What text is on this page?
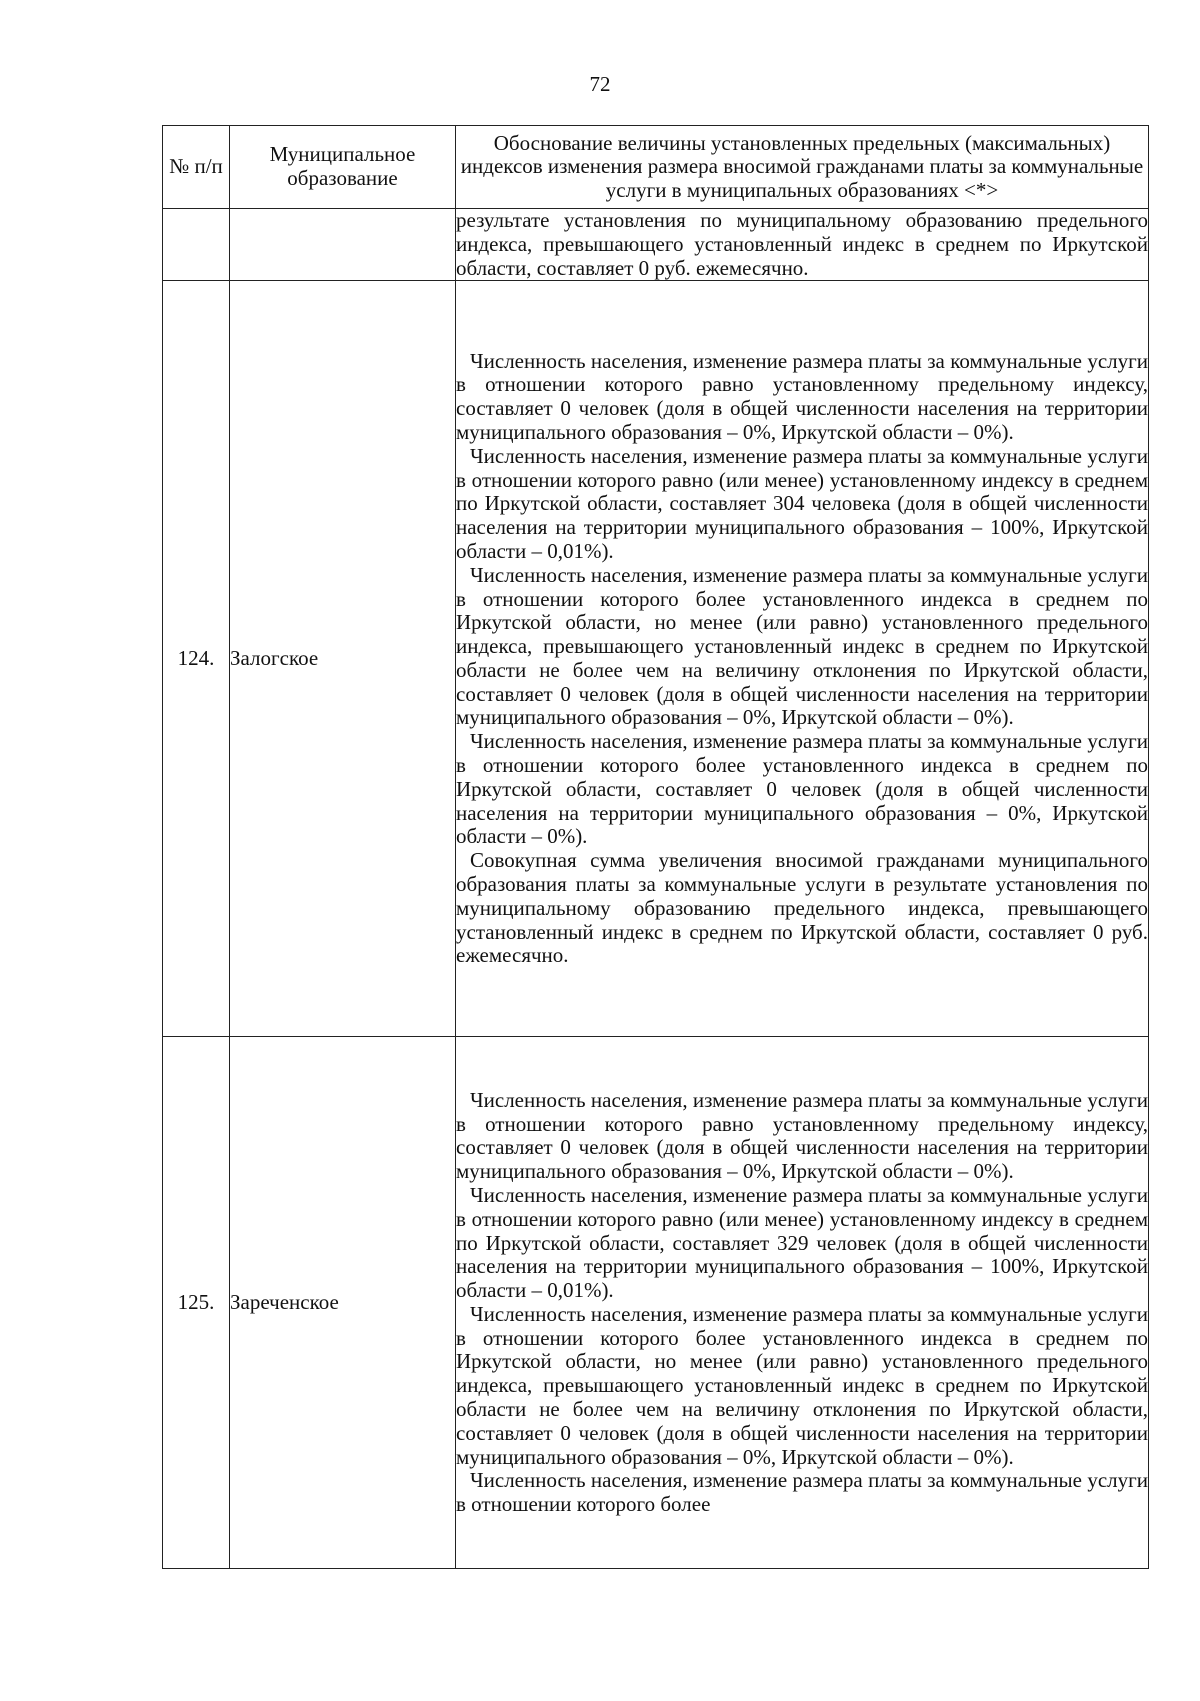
72
№ п/п	Муниципальное образование	Обоснование величины установленных предельных (максимальных) индексов изменения размера вносимой гражданами платы за коммунальные услуги в муниципальных образованиях <*>

		результате установления по муниципальному образованию предельного индекса, превышающего установленный индекс в среднем по Иркутской области, составляет 0 руб. ежемесячно.

124.	Залогское	Численность населения, изменение размера платы за коммунальные услуги в отношении которого равно установленному предельному индексу, составляет 0 человек (доля в общей численности населения на территории муниципального образования – 0%, Иркутской области – 0%).

Численность населения, изменение размера платы за коммунальные услуги в отношении которого равно (или менее) установленному индексу в среднем по Иркутской области, составляет 304 человека (доля в общей численности населения на территории муниципального образования – 100%, Иркутской области – 0,01%).

Численность населения, изменение размера платы за коммунальные услуги в отношении которого более установленного индекса в среднем по Иркутской области, но менее (или равно) установленного предельного индекса, превышающего установленный индекс в среднем по Иркутской области не более чем на величину отклонения по Иркутской области, составляет 0 человек (доля в общей численности населения на территории муниципального образования – 0%, Иркутской области – 0%).

Численность населения, изменение размера платы за коммунальные услуги в отношении которого более установленного индекса в среднем по Иркутской области, составляет 0 человек (доля в общей численности населения на территории муниципального образования – 0%, Иркутской области – 0%).

Совокупная сумма увеличения вносимой гражданами муниципального образования платы за коммунальные услуги в результате установления по муниципальному образованию предельного индекса, превышающего установленный индекс в среднем по Иркутской области, составляет 0 руб. ежемесячно.

125.	Зареченское	Численность населения, изменение размера платы за коммунальные услуги в отношении которого равно установленному предельному индексу, составляет 0 человек (доля в общей численности населения на территории муниципального образования – 0%, Иркутской области – 0%).

Численность населения, изменение размера платы за коммунальные услуги в отношении которого равно (или менее) установленному индексу в среднем по Иркутской области, составляет 329 человек (доля в общей численности населения на территории муниципального образования – 100%, Иркутской области – 0,01%).

Численность населения, изменение размера платы за коммунальные услуги в отношении которого более установленного индекса в среднем по Иркутской области, но менее (или равно) установленного предельного индекса, превышающего установленный индекс в среднем по Иркутской области не более чем на величину отклонения по Иркутской области, составляет 0 человек (доля в общей численности населения на территории муниципального образования – 0%, Иркутской области – 0%).

Численность населения, изменение размера платы за коммунальные услуги в отношении которого более
